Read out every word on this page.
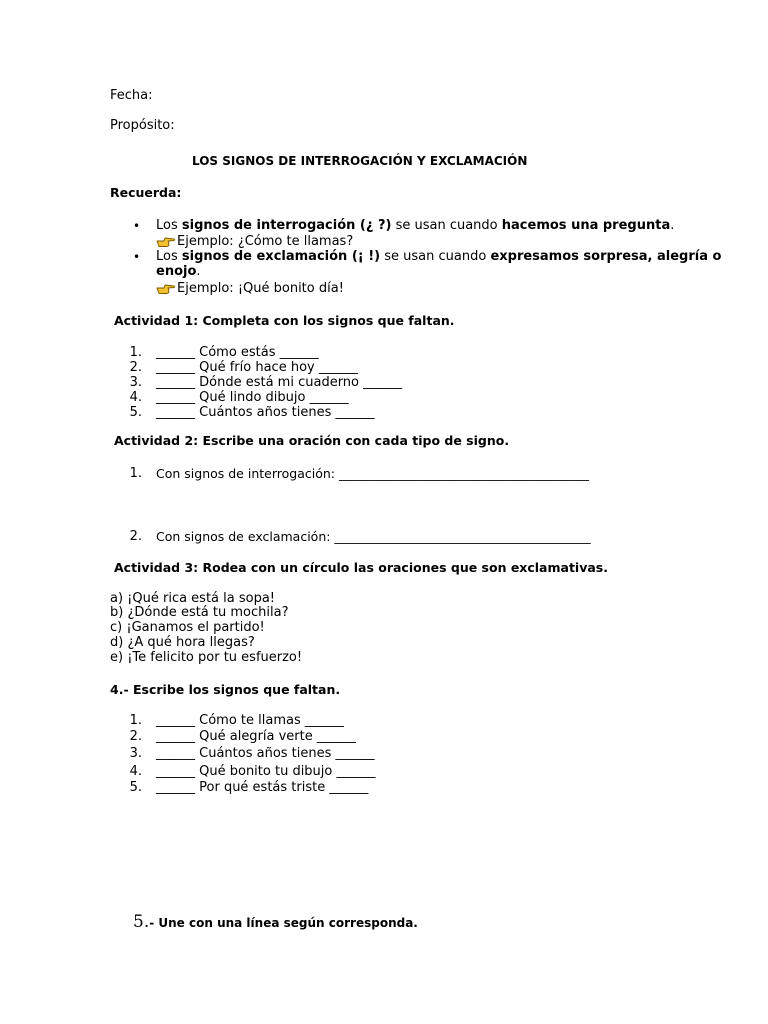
Fecha:
Propósito:
LOS SIGNOS DE INTERROGACIÓN Y EXCLAMACIÓN
Recuerda:
• Los signos de interrogación (¿ ?) se usan cuando hacemos una pregunta.
Ejemplo: ¿Cómo te llamas?
• Los signos de exclamación (¡ !) se usan cuando expresamos sorpresa, alegría o
enojo.
Ejemplo: ¡Qué bonito día!
Actividad 1: Completa con los signos que faltan.
1. ______ Cómo estás ______
2. ______ Qué frío hace hoy ______
3. ______ Dónde está mi cuaderno ______
4. ______ Qué lindo dibujo ______
5. ______ Cuántos años tienes ______
Actividad 2: Escribe una oración con cada tipo de signo.
1. Con signos de interrogación: ________________________________________
2. Con signos de exclamación: _________________________________________
Actividad 3: Rodea con un círculo las oraciones que son exclamativas.
a) ¡Qué rica está la sopa!
b) ¿Dónde está tu mochila?
c) ¡Ganamos el partido!
d) ¿A qué hora llegas?
e) ¡Te felicito por tu esfuerzo!
4.- Escribe los signos que faltan.
1. ______ Cómo te llamas ______
2. ______ Qué alegría verte ______
3. ______ Cuántos años tienes ______
4. ______ Qué bonito tu dibujo ______
5. ______ Por qué estás triste ______
5.- Une con una línea según corresponda.
